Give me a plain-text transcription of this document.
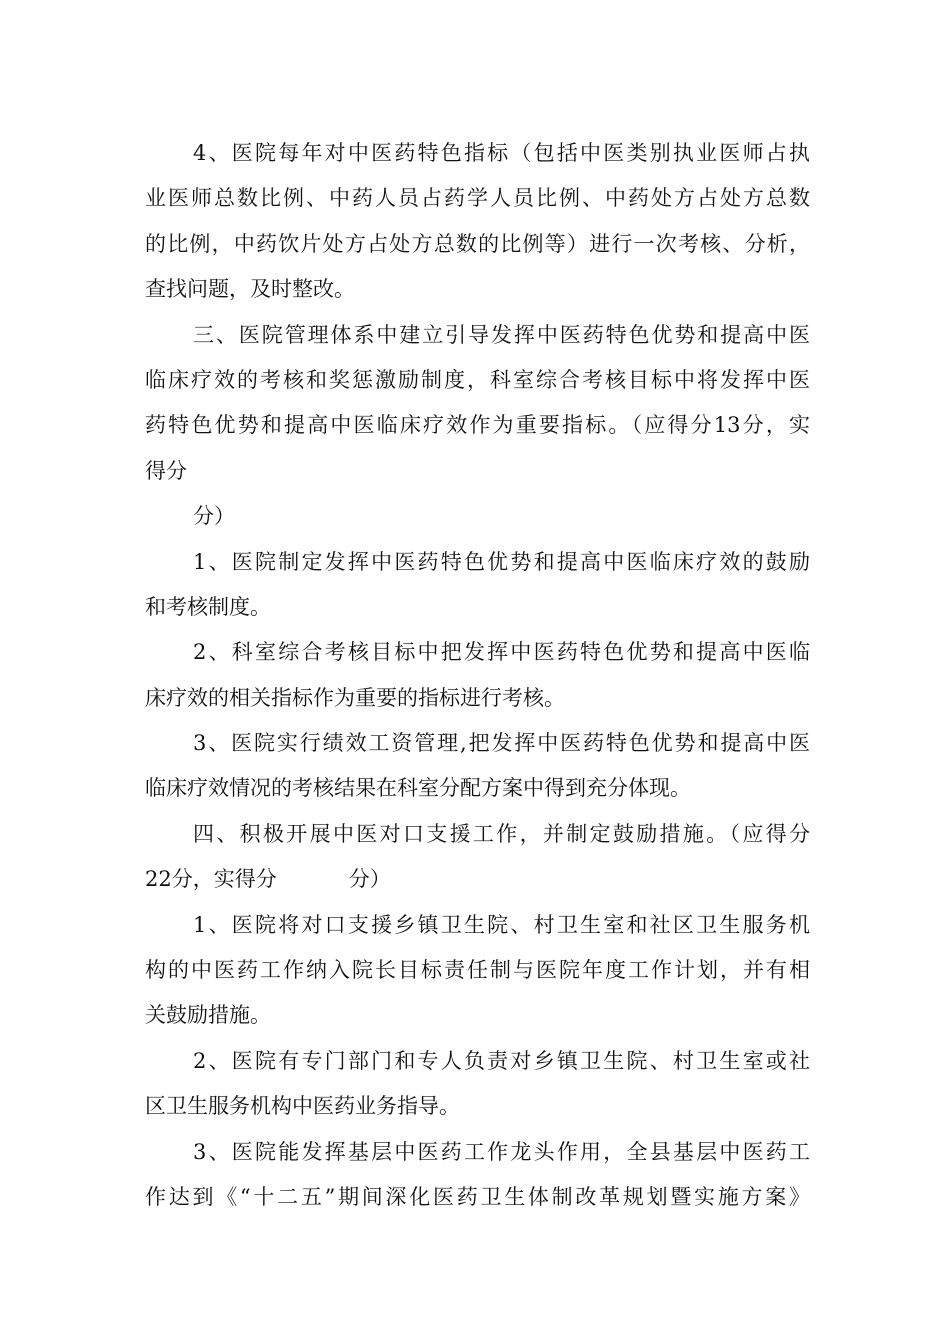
4、医院每年对中医药特色指标（包括中医类别执业医师占执
业医师总数比例、中药人员占药学人员比例、中药处方占处方总数
的比例，中药饮片处方占处方总数的比例等）进行一次考核、分析，
查找问题，及时整改。
三、医院管理体系中建立引导发挥中医药特色优势和提高中医
临床疗效的考核和奖惩激励制度，科室综合考核目标中将发挥中医
药特色优势和提高中医临床疗效作为重要指标。（应得分13分，实
得分
分）
1、医院制定发挥中医药特色优势和提高中医临床疗效的鼓励
和考核制度。
2、科室综合考核目标中把发挥中医药特色优势和提高中医临
床疗效的相关指标作为重要的指标进行考核。
3、医院实行绩效工资管理,把发挥中医药特色优势和提高中医
临床疗效情况的考核结果在科室分配方案中得到充分体现。
四、积极开展中医对口支援工作，并制定鼓励措施。（应得分
22分，实得分	分）
1、医院将对口支援乡镇卫生院、村卫生室和社区卫生服务机
构的中医药工作纳入院长目标责任制与医院年度工作计划，并有相
关鼓励措施。
2、医院有专门部门和专人负责对乡镇卫生院、村卫生室或社
区卫生服务机构中医药业务指导。
3、医院能发挥基层中医药工作龙头作用，全县基层中医药工
作达到《“十二五”期间深化医药卫生体制改革规划暨实施方案》
